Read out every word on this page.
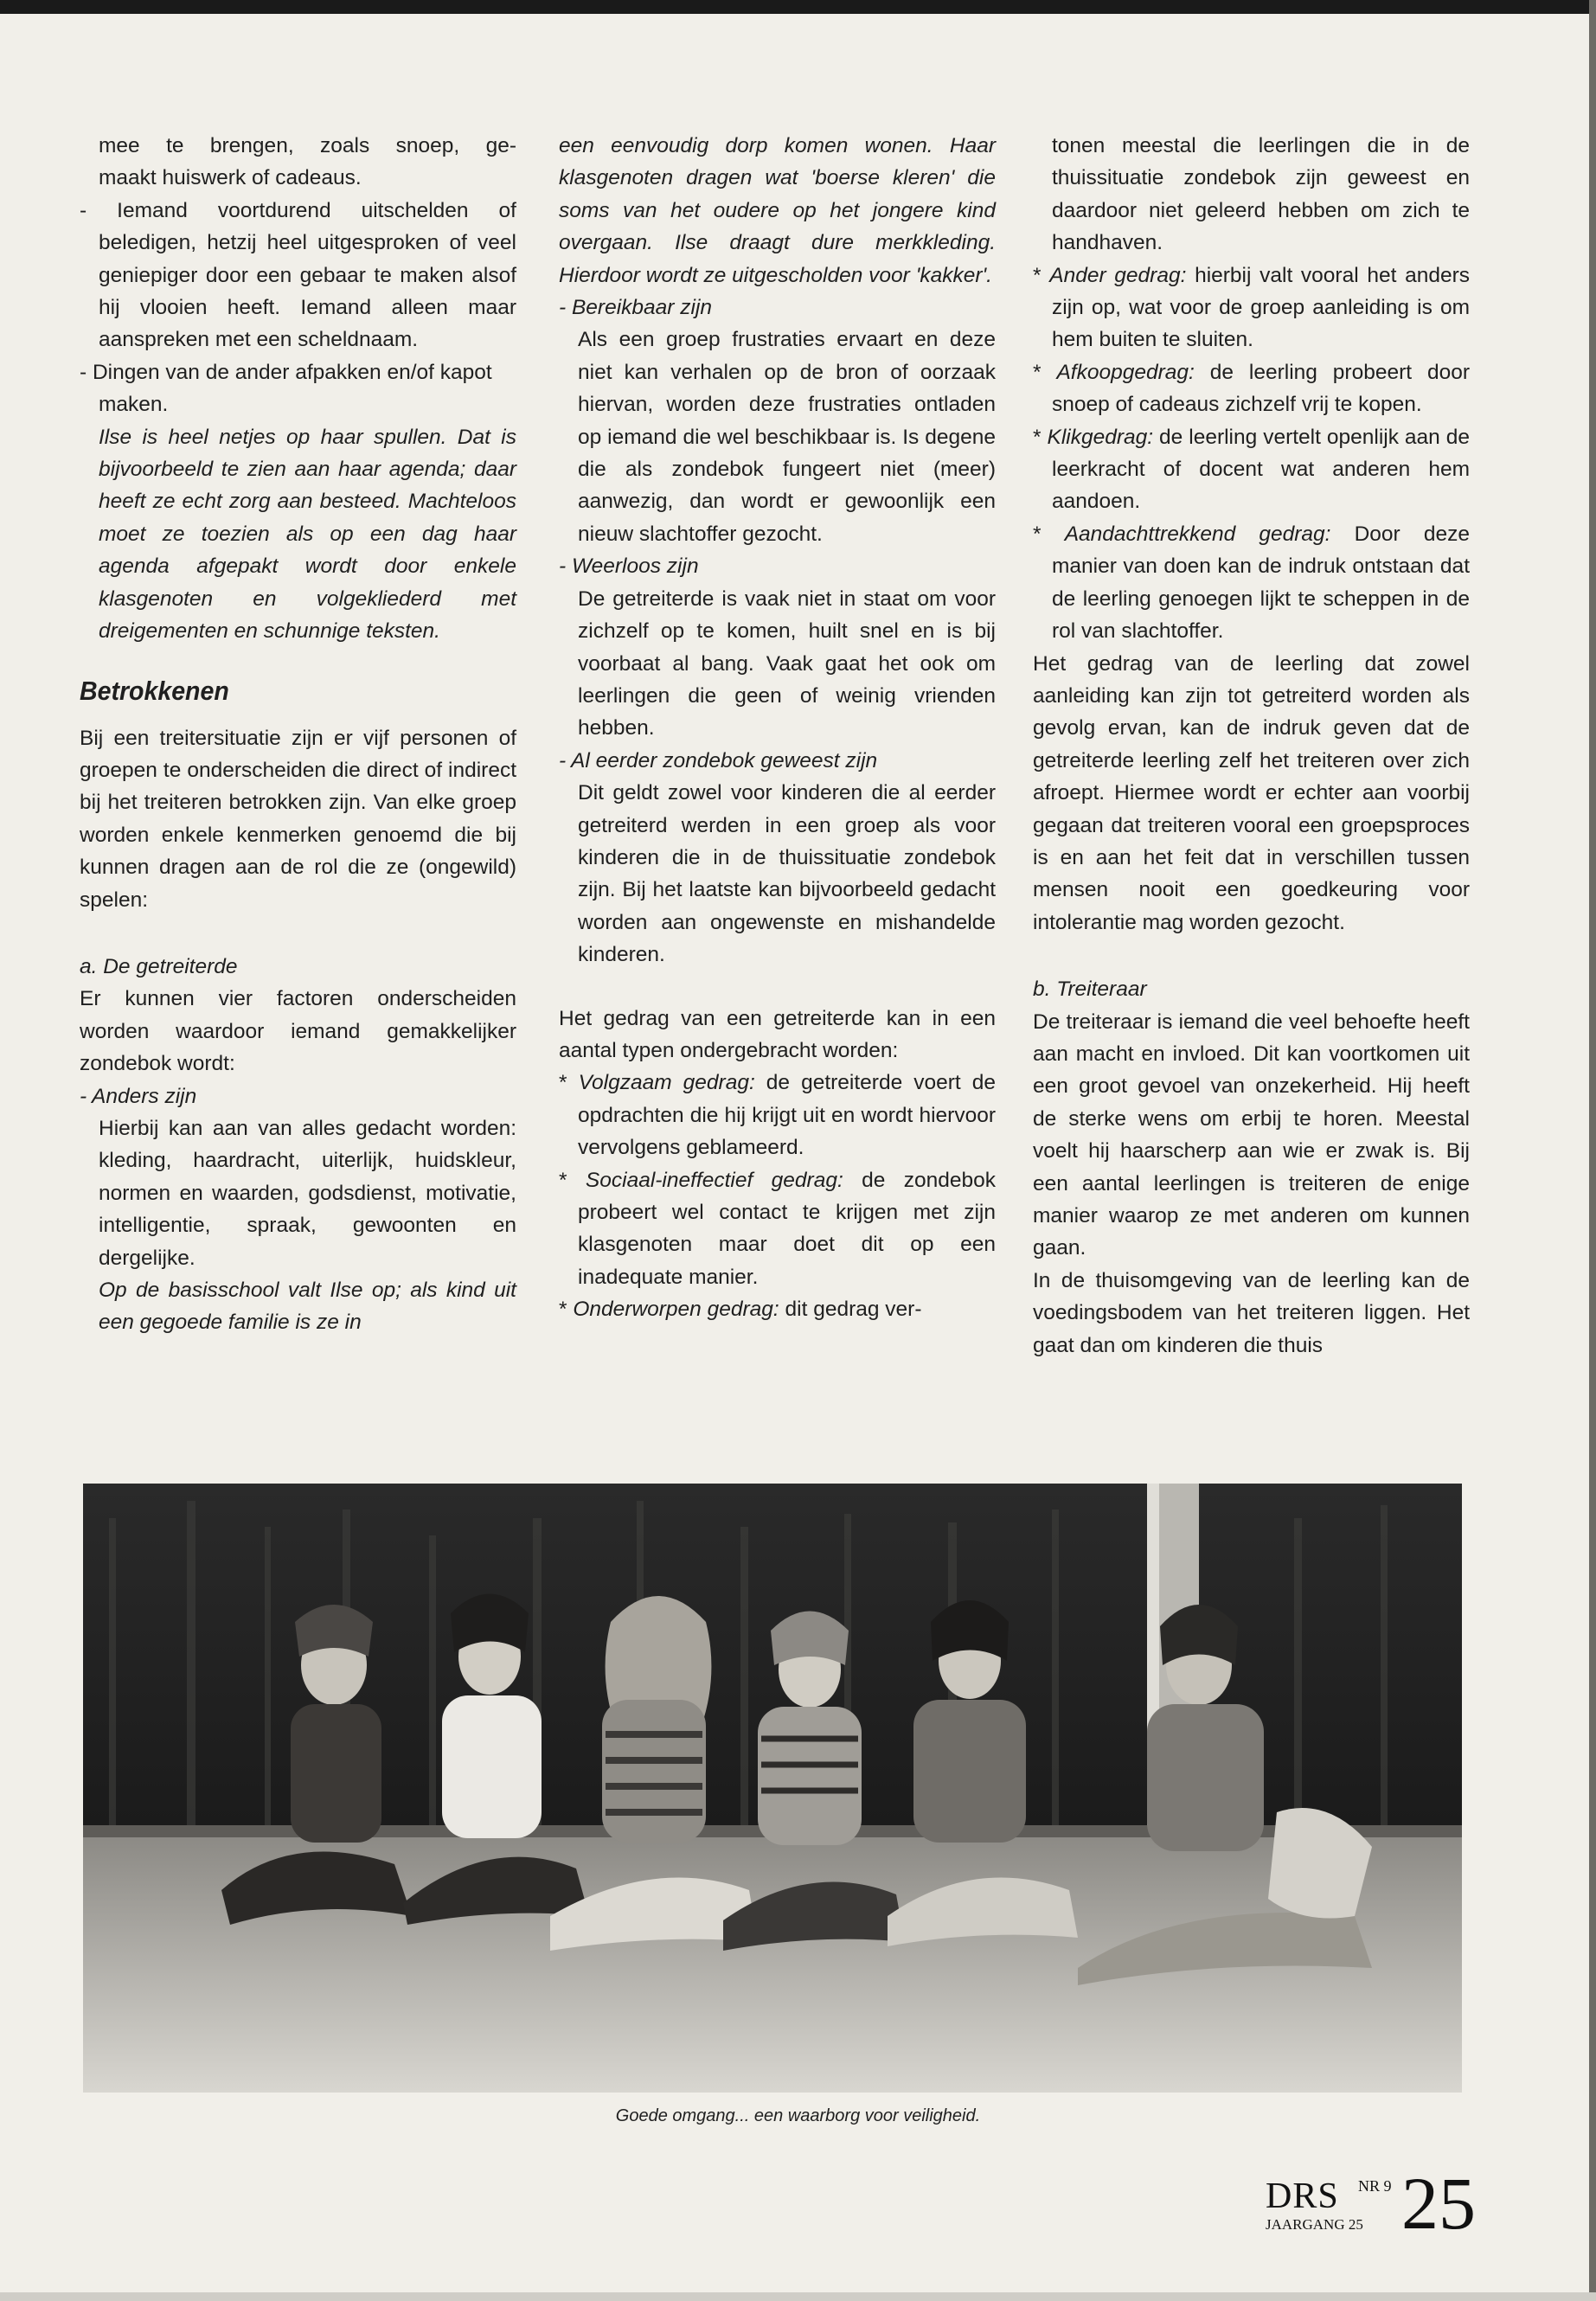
mee te brengen, zoals snoep, ge-

maakt huiswerk of cadeaus.

- Iemand voortdurend uitschelden of beledigen, hetzij heel uitgesproken of veel geniepiger door een gebaar te maken alsof hij vlooien heeft. Iemand alleen maar aanspreken met een scheldnaam.

- Dingen van de ander afpakken en/of kapot maken.

Ilse is heel netjes op haar spullen. Dat is bijvoorbeeld te zien aan haar agenda; daar heeft ze echt zorg aan besteed. Machteloos moet ze toezien als op een dag haar agenda afgepakt wordt door enkele klasgenoten en volgekliederd met dreigementen en schunnige teksten.

Betrokkenen

Bij een treitersituatie zijn er vijf personen of groepen te onderscheiden die direct of indirect bij het treiteren betrokken zijn. Van elke groep worden enkele kenmerken genoemd die bij kunnen dragen aan de rol die ze (ongewild) spelen:

a. De getreiterde

Er kunnen vier factoren onderscheiden worden waardoor iemand gemakkelijker zondebok wordt:

- Anders zijn

Hierbij kan aan van alles gedacht worden: kleding, haardracht, uiterlijk, huidskleur, normen en waarden, godsdienst, motivatie, intelligentie, spraak, gewoonten en dergelijke.

Op de basisschool valt Ilse op; als kind uit een gegoede familie is ze in

een eenvoudig dorp komen wonen. Haar klasgenoten dragen wat 'boerse kleren' die soms van het oudere op het jongere kind overgaan. Ilse draagt dure merkkleding. Hierdoor wordt ze uitgescholden voor 'kakker'.

- Bereikbaar zijn

Als een groep frustraties ervaart en deze niet kan verhalen op de bron of oorzaak hiervan, worden deze frustraties ontladen op iemand die wel beschikbaar is. Is degene die als zondebok fungeert niet (meer) aanwezig, dan wordt er gewoonlijk een nieuw slachtoffer gezocht.

- Weerloos zijn

De getreiterde is vaak niet in staat om voor zichzelf op te komen, huilt snel en is bij voorbaat al bang. Vaak gaat het ook om leerlingen die geen of weinig vrienden hebben.

- Al eerder zondebok geweest zijn

Dit geldt zowel voor kinderen die al eerder getreiterd werden in een groep als voor kinderen die in de thuissituatie zondebok zijn. Bij het laatste kan bijvoorbeeld gedacht worden aan ongewenste en mishandelde kinderen.

Het gedrag van een getreiterde kan in een aantal typen ondergebracht worden:

* Volgzaam gedrag: de getreiterde voert de opdrachten die hij krijgt uit en wordt hiervoor vervolgens geblameerd.

* Sociaal-ineffectief gedrag: de zondebok probeert wel contact te krijgen met zijn klasgenoten maar doet dit op een inadequate manier.

* Onderworpen gedrag: dit gedrag ver-

tonen meestal die leerlingen die in de thuissituatie zondebok zijn geweest en daardoor niet geleerd hebben om zich te handhaven.

* Ander gedrag: hierbij valt vooral het anders zijn op, wat voor de groep aanleiding is om hem buiten te sluiten.

* Afkoopgedrag: de leerling probeert door snoep of cadeaus zichzelf vrij te kopen.

* Klikgedrag: de leerling vertelt openlijk aan de leerkracht of docent wat anderen hem aandoen.

* Aandachttrekkend gedrag: Door deze manier van doen kan de indruk ontstaan dat de leerling genoegen lijkt te scheppen in de rol van slachtoffer.

Het gedrag van de leerling dat zowel aanleiding kan zijn tot getreiterd worden als gevolg ervan, kan de indruk geven dat de getreiterde leerling zelf het treiteren over zich afroept. Hiermee wordt er echter aan voorbij gegaan dat treiteren vooral een groepsproces is en aan het feit dat in verschillen tussen mensen nooit een goedkeuring voor intolerantie mag worden gezocht.

b. Treiteraar

De treiteraar is iemand die veel behoefte heeft aan macht en invloed. Dit kan voortkomen uit een groot gevoel van onzekerheid. Hij heeft de sterke wens om erbij te horen. Meestal voelt hij haarscherp aan wie er zwak is. Bij een aantal leerlingen is treiteren de enige manier waarop ze met anderen om kunnen gaan.

In de thuisomgeving van de leerling kan de voedingsbodem van het treiteren liggen. Het gaat dan om kinderen die thuis

Goede omgang... een waarborg voor veiligheid.
DRS NR 9
JAARGANG 25 25
